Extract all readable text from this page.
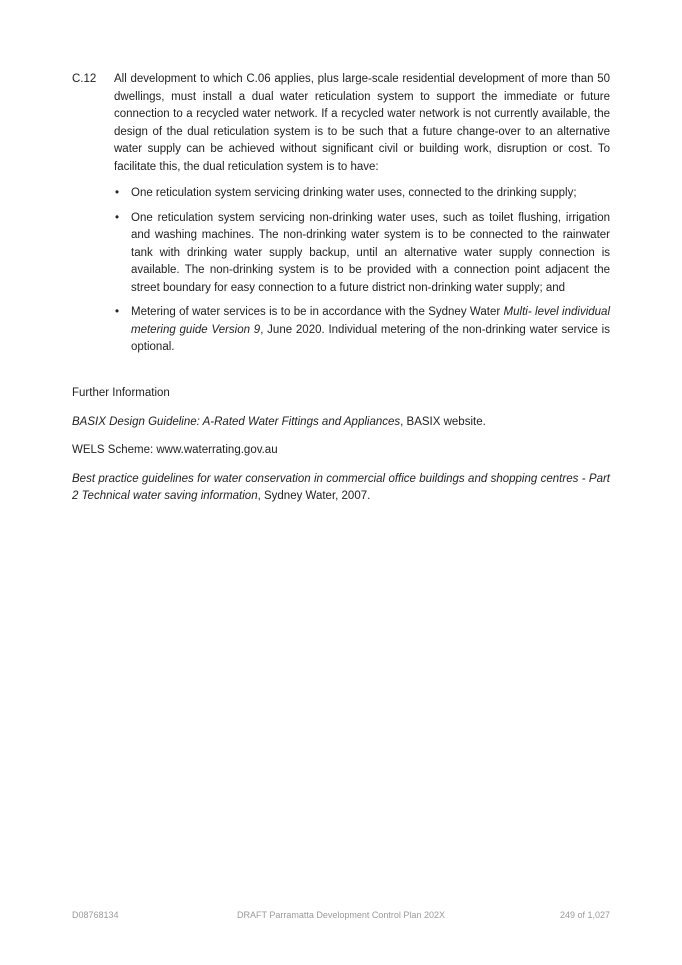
C.12 All development to which C.06 applies, plus large-scale residential development of more than 50 dwellings, must install a dual water reticulation system to support the immediate or future connection to a recycled water network. If a recycled water network is not currently available, the design of the dual reticulation system is to be such that a future change-over to an alternative water supply can be achieved without significant civil or building work, disruption or cost. To facilitate this, the dual reticulation system is to have:

• One reticulation system servicing drinking water uses, connected to the drinking supply;
• One reticulation system servicing non-drinking water uses, such as toilet flushing, irrigation and washing machines. The non-drinking water system is to be connected to the rainwater tank with drinking water supply backup, until an alternative water supply connection is available. The non-drinking system is to be provided with a connection point adjacent the street boundary for easy connection to a future district non-drinking water supply; and
• Metering of water services is to be in accordance with the Sydney Water Multi- level individual metering guide Version 9, June 2020. Individual metering of the non-drinking water service is optional.

Further Information

BASIX Design Guideline: A-Rated Water Fittings and Appliances, BASIX website.

WELS Scheme: www.waterrating.gov.au

Best practice guidelines for water conservation in commercial office buildings and shopping centres - Part 2 Technical water saving information, Sydney Water, 2007.

D08768134	DRAFT Parramatta Development Control Plan 202X	249 of 1,027
